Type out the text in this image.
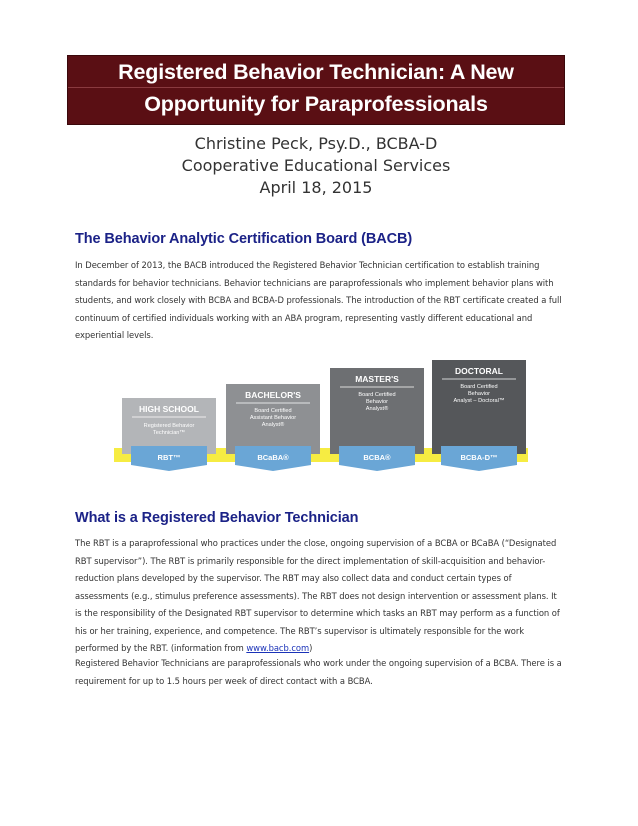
Registered Behavior Technician: A New
Opportunity for Paraprofessionals
Christine Peck, Psy.D., BCBA-D
Cooperative Educational Services
April 18, 2015
The Behavior Analytic Certification Board (BACB)
In December of 2013, the BACB introduced the Registered Behavior Technician certification to establish training standards for behavior technicians. Behavior technicians are paraprofessionals who implement behavior plans with students, and work closely with BCBA and BCBA-D professionals. The introduction of the RBT certificate created a full continuum of certified individuals working with an ABA program, representing vastly different educational and experiential levels.
HIGH SCHOOL
Registered Behavior
Technician™
RBT™
BACHELOR'S
Board Certified
Assistant Behavior
Analyst®
BCaBA®
MASTER'S
Board Certified
Behavior
Analyst®
BCBA®
DOCTORAL
Board Certified
Behavior
Analyst – Doctoral™
BCBA-D™
What is a Registered Behavior Technician
The RBT is a paraprofessional who practices under the close, ongoing supervision of a BCBA or BCaBA (“Designated RBT supervisor”). The RBT is primarily responsible for the direct implementation of skill-acquisition and behavior-reduction plans developed by the supervisor. The RBT may also collect data and conduct certain types of assessments (e.g., stimulus preference assessments). The RBT does not design intervention or assessment plans. It is the responsibility of the Designated RBT supervisor to determine which tasks an RBT may perform as a function of his or her training, experience, and competence. The RBT’s supervisor is ultimately responsible for the work performed by the RBT. (information from www.bacb.com)
Registered Behavior Technicians are paraprofessionals who work under the ongoing supervision of a BCBA. There is a requirement for up to 1.5 hours per week of direct contact with a BCBA.
